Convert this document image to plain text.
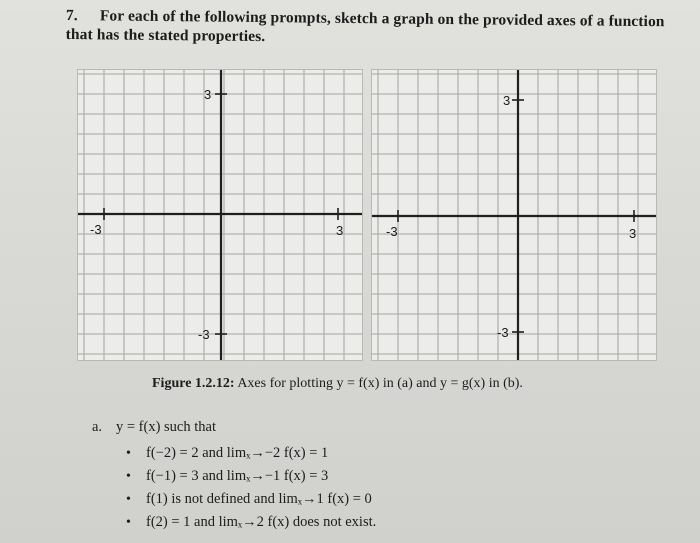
7. For each of the following prompts, sketch a graph on the provided axes of a function that has the stated properties.
-3	3
3
-3
-3	3
3
-3
Figure 1.2.12: Axes for plotting y = f(x) in (a) and y = g(x) in (b).
a. y = f(x) such that
• f(−2) = 2 and limₓ→−2 f(x) = 1
• f(−1) = 3 and limₓ→−1 f(x) = 3
• f(1) is not defined and limₓ→1 f(x) = 0
• f(2) = 1 and limₓ→2 f(x) does not exist.
